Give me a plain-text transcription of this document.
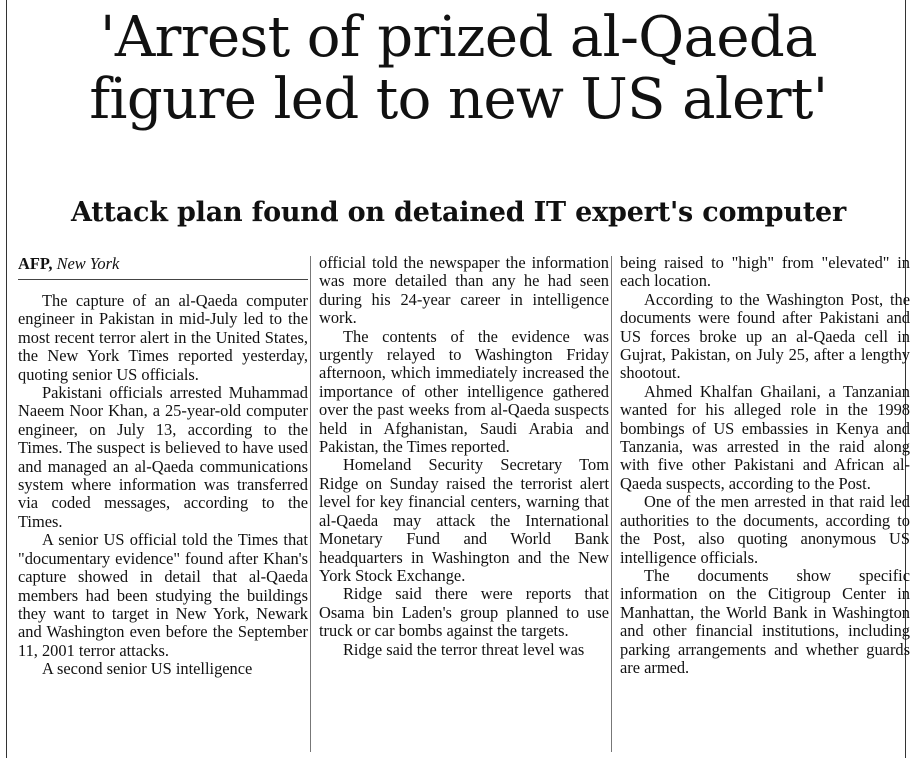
'Arrest of prized al-Qaeda
figure led to new US alert'
Attack plan found on detained IT expert's computer
AFP, New York

The capture of an al-Qaeda computer engineer in Pakistan in mid-July led to the most recent terror alert in the United States, the New York Times reported yesterday, quoting senior US officials.

Pakistani officials arrested Muhammad Naeem Noor Khan, a 25-year-old computer engineer, on July 13, according to the Times. The suspect is believed to have used and managed an al-Qaeda communications system where information was transferred via coded messages, according to the Times.

A senior US official told the Times that "documentary evidence" found after Khan's capture showed in detail that al-Qaeda members had been studying the buildings they want to target in New York, Newark and Washington even before the September 11, 2001 terror attacks.

A second senior US intelligence

official told the newspaper the information was more detailed than any he had seen during his 24-year career in intelligence work.

The contents of the evidence was urgently relayed to Washington Friday afternoon, which immediately increased the importance of other intelligence gathered over the past weeks from al-Qaeda suspects held in Afghanistan, Saudi Arabia and Pakistan, the Times reported.

Homeland Security Secretary Tom Ridge on Sunday raised the terrorist alert level for key financial centers, warning that al-Qaeda may attack the International Monetary Fund and World Bank headquarters in Washington and the New York Stock Exchange.

Ridge said there were reports that Osama bin Laden's group planned to use truck or car bombs against the targets.

Ridge said the terror threat level was

being raised to "high" from "elevated" in each location.

According to the Washington Post, the documents were found after Pakistani and US forces broke up an al-Qaeda cell in Gujrat, Pakistan, on July 25, after a lengthy shootout.

Ahmed Khalfan Ghailani, a Tanzanian wanted for his alleged role in the 1998 bombings of US embassies in Kenya and Tanzania, was arrested in the raid along with five other Pakistani and African al-Qaeda suspects, according to the Post.

One of the men arrested in that raid led authorities to the documents, according to the Post, also quoting anonymous US intelligence officials.

The documents show specific information on the Citigroup Center in Manhattan, the World Bank in Washington and other financial institutions, including parking arrangements and whether guards are armed.
